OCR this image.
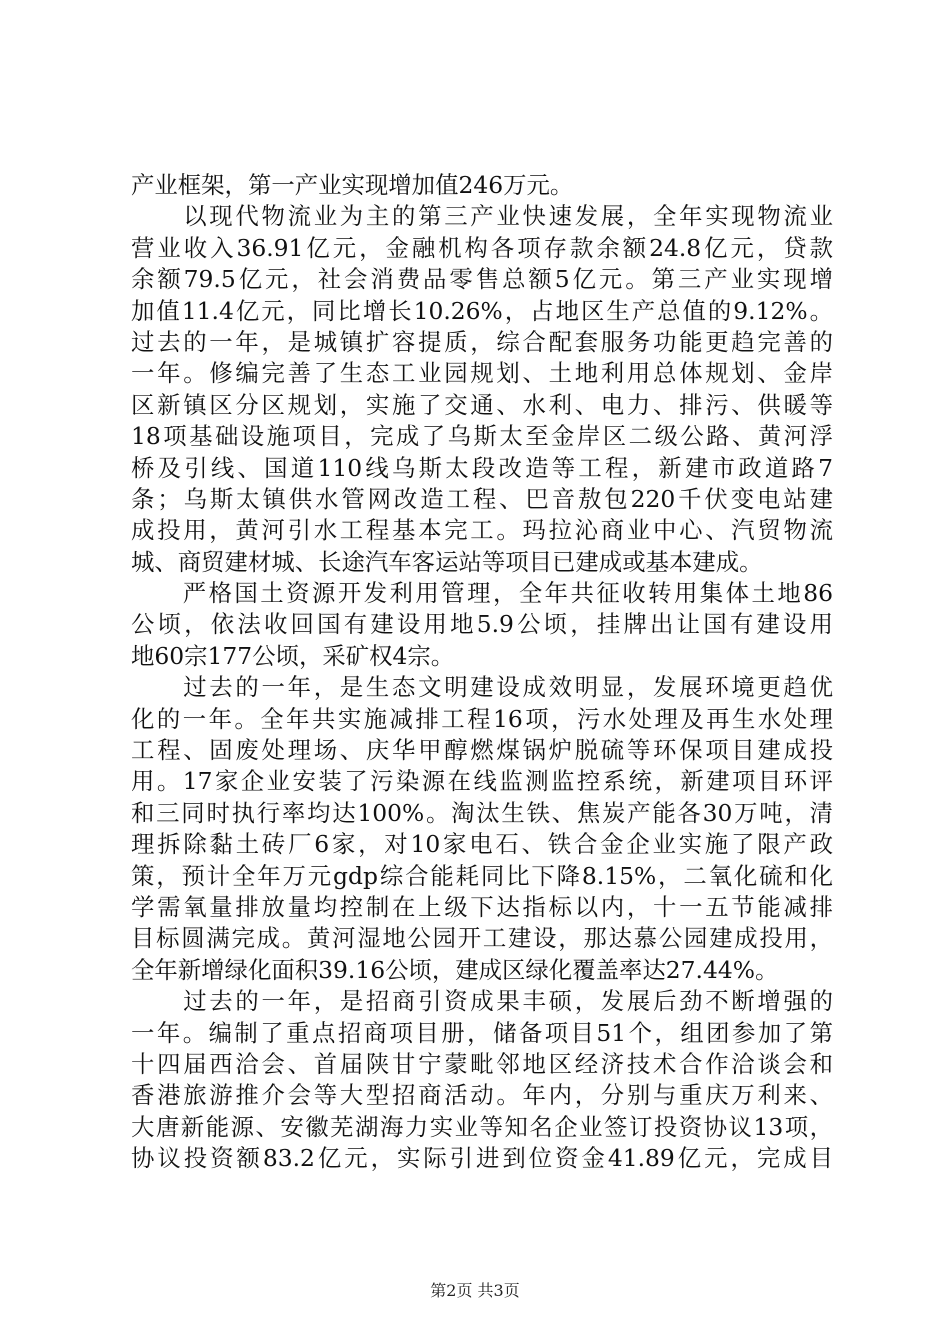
产业框架，第一产业实现增加值246万元。
　　以现代物流业为主的第三产业快速发展，全年实现物流业
营业收入36.91亿元，金融机构各项存款余额24.8亿元，贷款
余额79.5亿元，社会消费品零售总额5亿元。第三产业实现增
加值11.4亿元，同比增长10.26%，占地区生产总值的9.12%。
过去的一年，是城镇扩容提质，综合配套服务功能更趋完善的
一年。修编完善了生态工业园规划、土地利用总体规划、金岸
区新镇区分区规划，实施了交通、水利、电力、排污、供暖等
18项基础设施项目，完成了乌斯太至金岸区二级公路、黄河浮
桥及引线、国道110线乌斯太段改造等工程，新建市政道路7
条；乌斯太镇供水管网改造工程、巴音敖包220千伏变电站建
成投用，黄河引水工程基本完工。玛拉沁商业中心、汽贸物流
城、商贸建材城、长途汽车客运站等项目已建成或基本建成。
　　严格国土资源开发利用管理，全年共征收转用集体土地86
公顷，依法收回国有建设用地5.9公顷，挂牌出让国有建设用
地60宗177公顷，采矿权4宗。
　　过去的一年，是生态文明建设成效明显，发展环境更趋优
化的一年。全年共实施减排工程16项，污水处理及再生水处理
工程、固废处理场、庆华甲醇燃煤锅炉脱硫等环保项目建成投
用。17家企业安装了污染源在线监测监控系统，新建项目环评
和三同时执行率均达100%。淘汰生铁、焦炭产能各30万吨，清
理拆除黏土砖厂6家，对10家电石、铁合金企业实施了限产政
策，预计全年万元gdp综合能耗同比下降8.15%，二氧化硫和化
学需氧量排放量均控制在上级下达指标以内，十一五节能减排
目标圆满完成。黄河湿地公园开工建设，那达慕公园建成投用，
全年新增绿化面积39.16公顷，建成区绿化覆盖率达27.44%。
　　过去的一年，是招商引资成果丰硕，发展后劲不断增强的
一年。编制了重点招商项目册，储备项目51个，组团参加了第
十四届西洽会、首届陕甘宁蒙毗邻地区经济技术合作洽谈会和
香港旅游推介会等大型招商活动。年内，分别与重庆万利来、
大唐新能源、安徽芜湖海力实业等知名企业签订投资协议13项，
协议投资额83.2亿元，实际引进到位资金41.89亿元，完成目
第2页 共3页
